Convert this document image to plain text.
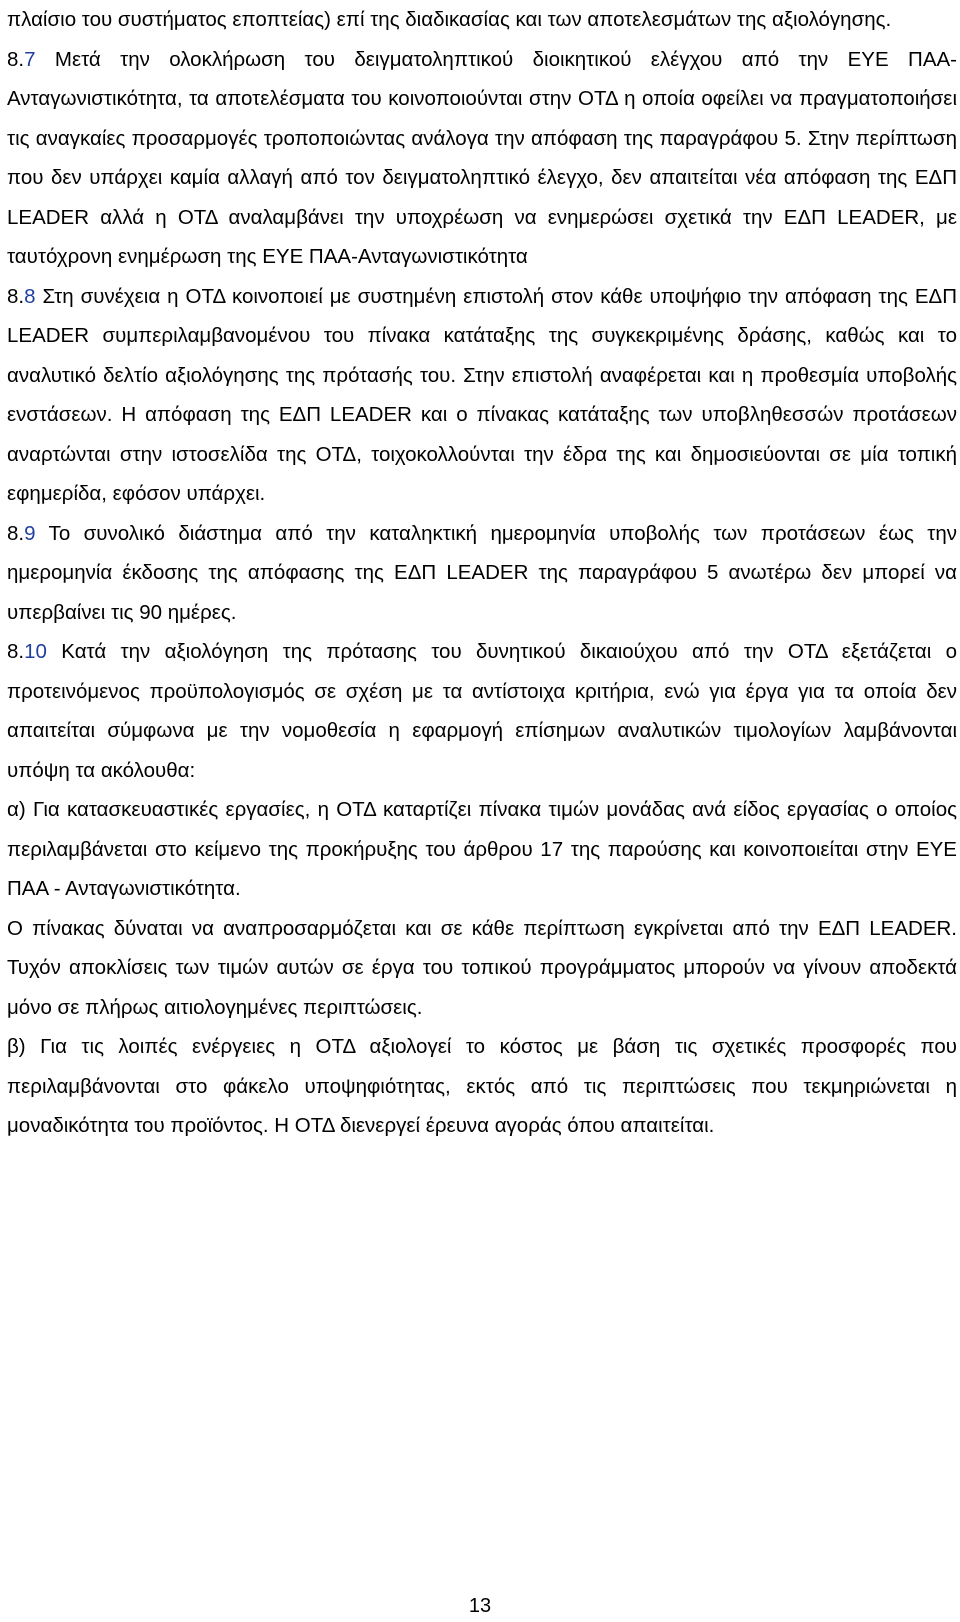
πλαίσιο του συστήματος εποπτείας) επί της διαδικασίας και των αποτελεσμάτων της αξιολόγησης.

8.7 Μετά την ολοκλήρωση του δειγματοληπτικού διοικητικού ελέγχου από την ΕΥΕ ΠΑΑ-Ανταγωνιστικότητα, τα αποτελέσματα του κοινοποιούνται στην ΟΤΔ η οποία οφείλει να πραγματοποιήσει τις αναγκαίες προσαρμογές τροποποιώντας ανάλογα την απόφαση της παραγράφου 5. Στην περίπτωση που δεν υπάρχει καμία αλλαγή από τον δειγματοληπτικό έλεγχο, δεν απαιτείται νέα απόφαση της ΕΔΠ LEADER αλλά η ΟΤΔ αναλαμβάνει την υποχρέωση να ενημερώσει σχετικά την ΕΔΠ LEADER, με ταυτόχρονη ενημέρωση της ΕΥΕ ΠΑΑ-Ανταγωνιστικότητα

8.8 Στη συνέχεια η ΟΤΔ κοινοποιεί με συστημένη επιστολή στον κάθε υποψήφιο την απόφαση της ΕΔΠ LEADER συμπεριλαμβανομένου του πίνακα κατάταξης της συγκεκριμένης δράσης, καθώς και το αναλυτικό δελτίο αξιολόγησης της πρότασής του. Στην επιστολή αναφέρεται και η προθεσμία υποβολής ενστάσεων. Η απόφαση της ΕΔΠ LEADER και ο πίνακας κατάταξης των υποβληθεσσών προτάσεων αναρτώνται στην ιστοσελίδα της ΟΤΔ, τοιχοκολλούνται την έδρα της και δημοσιεύονται σε μία τοπική εφημερίδα, εφόσον υπάρχει.

8.9 Το συνολικό διάστημα από την καταληκτική ημερομηνία υποβολής των προτάσεων έως την ημερομηνία έκδοσης της απόφασης της ΕΔΠ LEADER της παραγράφου 5 ανωτέρω δεν μπορεί να υπερβαίνει τις 90 ημέρες.

8.10 Κατά την αξιολόγηση της πρότασης του δυνητικού δικαιούχου από την ΟΤΔ εξετάζεται ο προτεινόμενος προϋπολογισμός σε σχέση με τα αντίστοιχα κριτήρια, ενώ για έργα για τα οποία δεν απαιτείται σύμφωνα με την νομοθεσία η εφαρμογή επίσημων αναλυτικών τιμολογίων λαμβάνονται υπόψη τα ακόλουθα:

α) Για κατασκευαστικές εργασίες, η ΟΤΔ καταρτίζει πίνακα τιμών μονάδας ανά είδος εργασίας ο οποίος περιλαμβάνεται στο κείμενο της προκήρυξης του άρθρου 17 της παρούσης και κοινοποιείται στην ΕΥΕ ΠΑΑ - Ανταγωνιστικότητα.

Ο πίνακας δύναται να αναπροσαρμόζεται και σε κάθε περίπτωση εγκρίνεται από την ΕΔΠ LEADER. Τυχόν αποκλίσεις των τιμών αυτών σε έργα του τοπικού προγράμματος μπορούν να γίνουν αποδεκτά μόνο σε πλήρως αιτιολογημένες περιπτώσεις.

β) Για τις λοιπές ενέργειες η ΟΤΔ αξιολογεί το κόστος με βάση τις σχετικές προσφορές που περιλαμβάνονται στο φάκελο υποψηφιότητας, εκτός από τις περιπτώσεις που τεκμηριώνεται η μοναδικότητα του προϊόντος. Η ΟΤΔ διενεργεί έρευνα αγοράς όπου απαιτείται.

13
